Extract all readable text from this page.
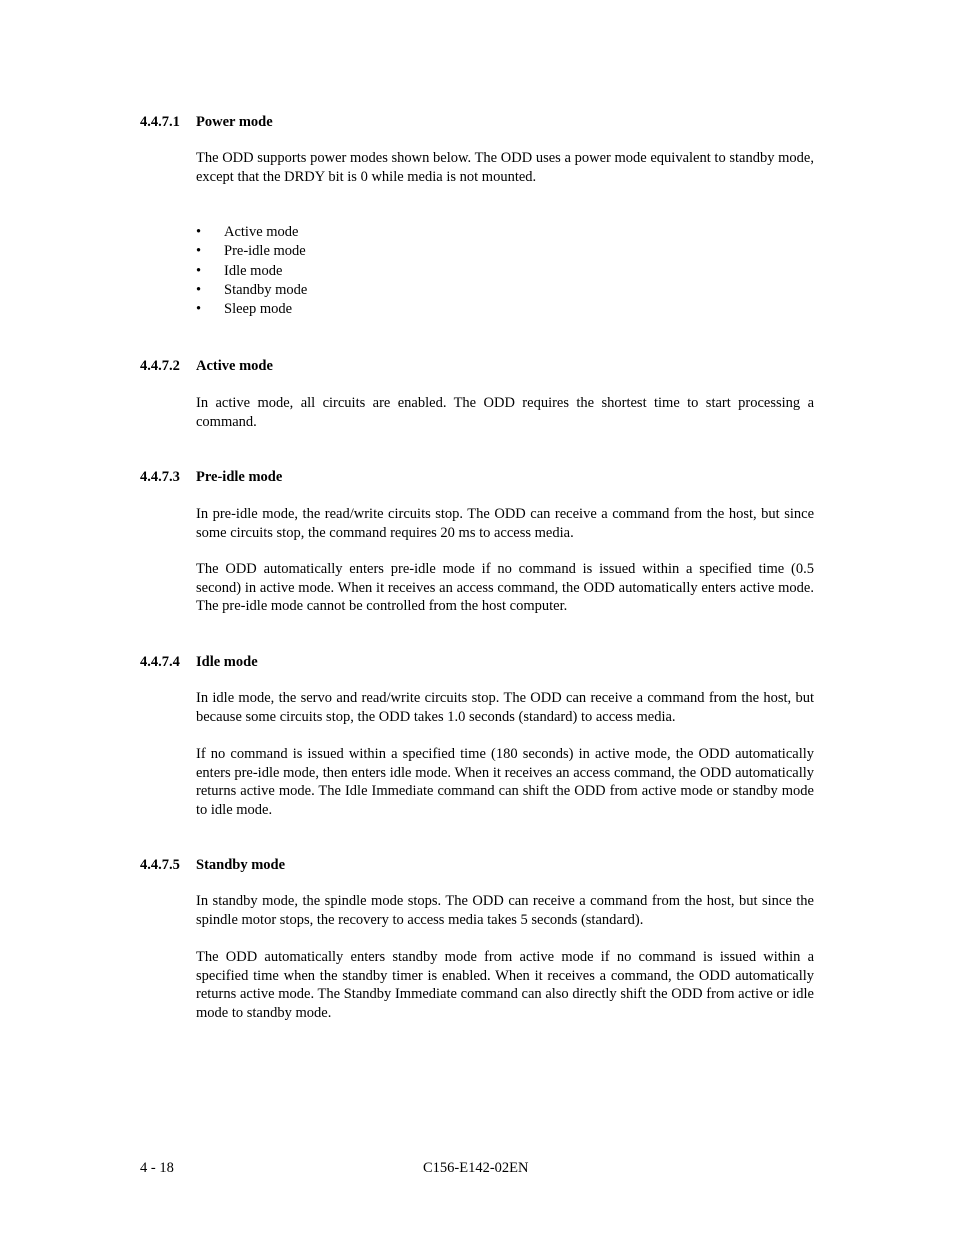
4.4.7.1 Power mode

The ODD supports power modes shown below. The ODD uses a power mode equivalent to standby mode, except that the DRDY bit is 0 while media is not mounted.

•	Active mode
•	Pre-idle mode
•	Idle mode
•	Standby mode
•	Sleep mode
4.4.7.2 Active mode

In active mode, all circuits are enabled. The ODD requires the shortest time to start processing a command.

4.4.7.3 Pre-idle mode

In pre-idle mode, the read/write circuits stop. The ODD can receive a command from the host, but since some circuits stop, the command requires 20 ms to access media.

The ODD automatically enters pre-idle mode if no command is issued within a specified time (0.5 second) in active mode. When it receives an access command, the ODD automatically enters active mode. The pre-idle mode cannot be controlled from the host computer.

4.4.7.4 Idle mode

In idle mode, the servo and read/write circuits stop. The ODD can receive a command from the host, but because some circuits stop, the ODD takes 1.0 seconds (standard) to access media.

If no command is issued within a specified time (180 seconds) in active mode, the ODD automatically enters pre-idle mode, then enters idle mode. When it receives an access command, the ODD automatically returns active mode. The Idle Immediate command can shift the ODD from active mode or standby mode to idle mode.

4.4.7.5 Standby mode

In standby mode, the spindle mode stops. The ODD can receive a command from the host, but since the spindle motor stops, the recovery to access media takes 5 seconds (standard).

The ODD automatically enters standby mode from active mode if no command is issued within a specified time when the standby timer is enabled. When it receives a command, the ODD automatically returns active mode. The Standby Immediate command can also directly shift the ODD from active or idle mode to standby mode.

4 - 18	C156-E142-02EN
